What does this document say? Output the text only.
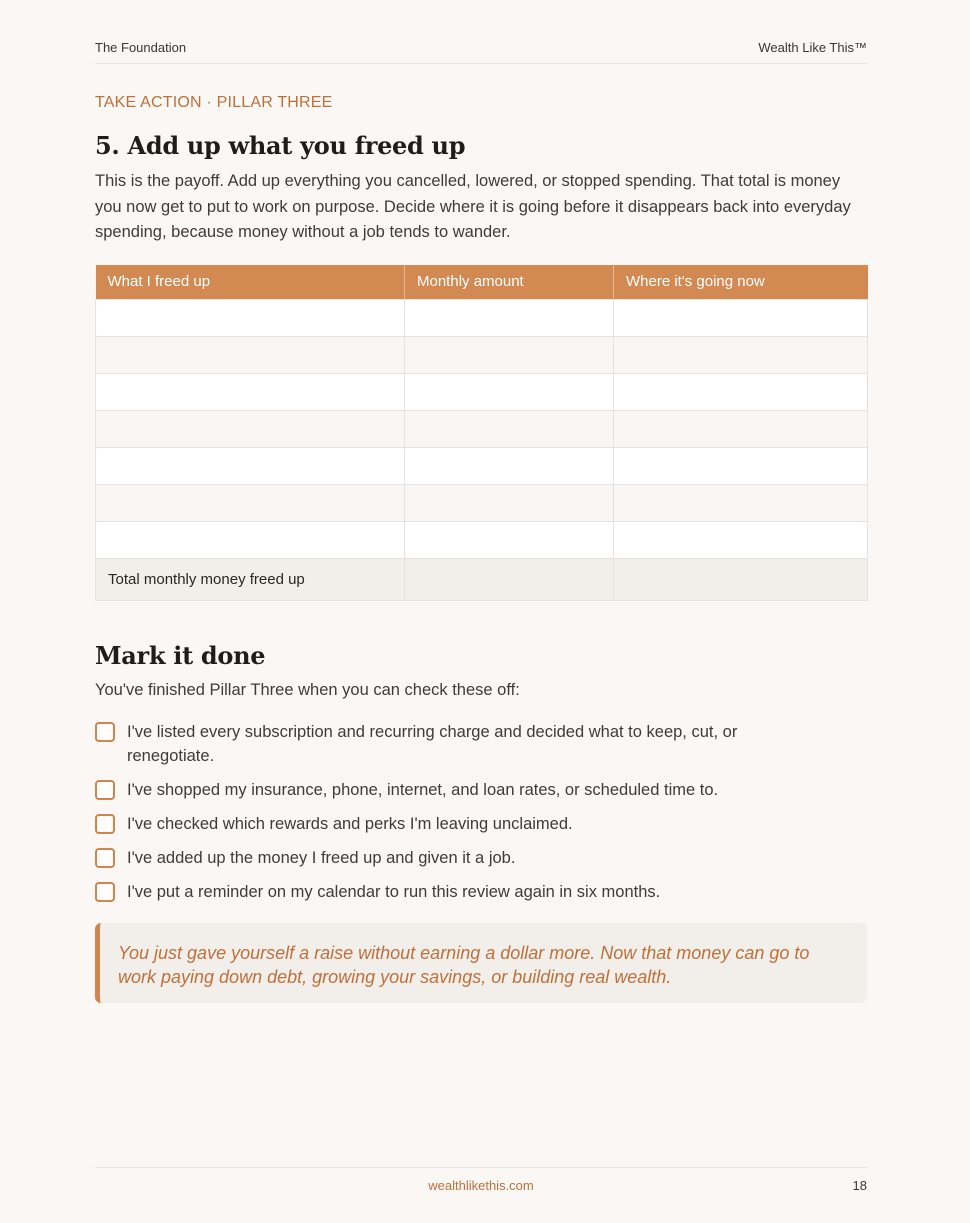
The Foundation	Wealth Like This™
TAKE ACTION · PILLAR THREE
5. Add up what you freed up

This is the payoff. Add up everything you cancelled, lowered, or stopped spending. That total is money you now get to put to work on purpose. Decide where it is going before it disappears back into everyday spending, because money without a job tends to wander.

What I freed up	Monthly amount	Where it's going now

Total monthly money freed up		
Mark it done

You've finished Pillar Three when you can check these off:

I've listed every subscription and recurring charge and decided what to keep, cut, or renegotiate.
I've shopped my insurance, phone, internet, and loan rates, or scheduled time to.
I've checked which rewards and perks I'm leaving unclaimed.
I've added up the money I freed up and given it a job.
I've put a reminder on my calendar to run this review again in six months.

You just gave yourself a raise without earning a dollar more. Now that money can go to work paying down debt, growing your savings, or building real wealth.

wealthlikethis.com	18
